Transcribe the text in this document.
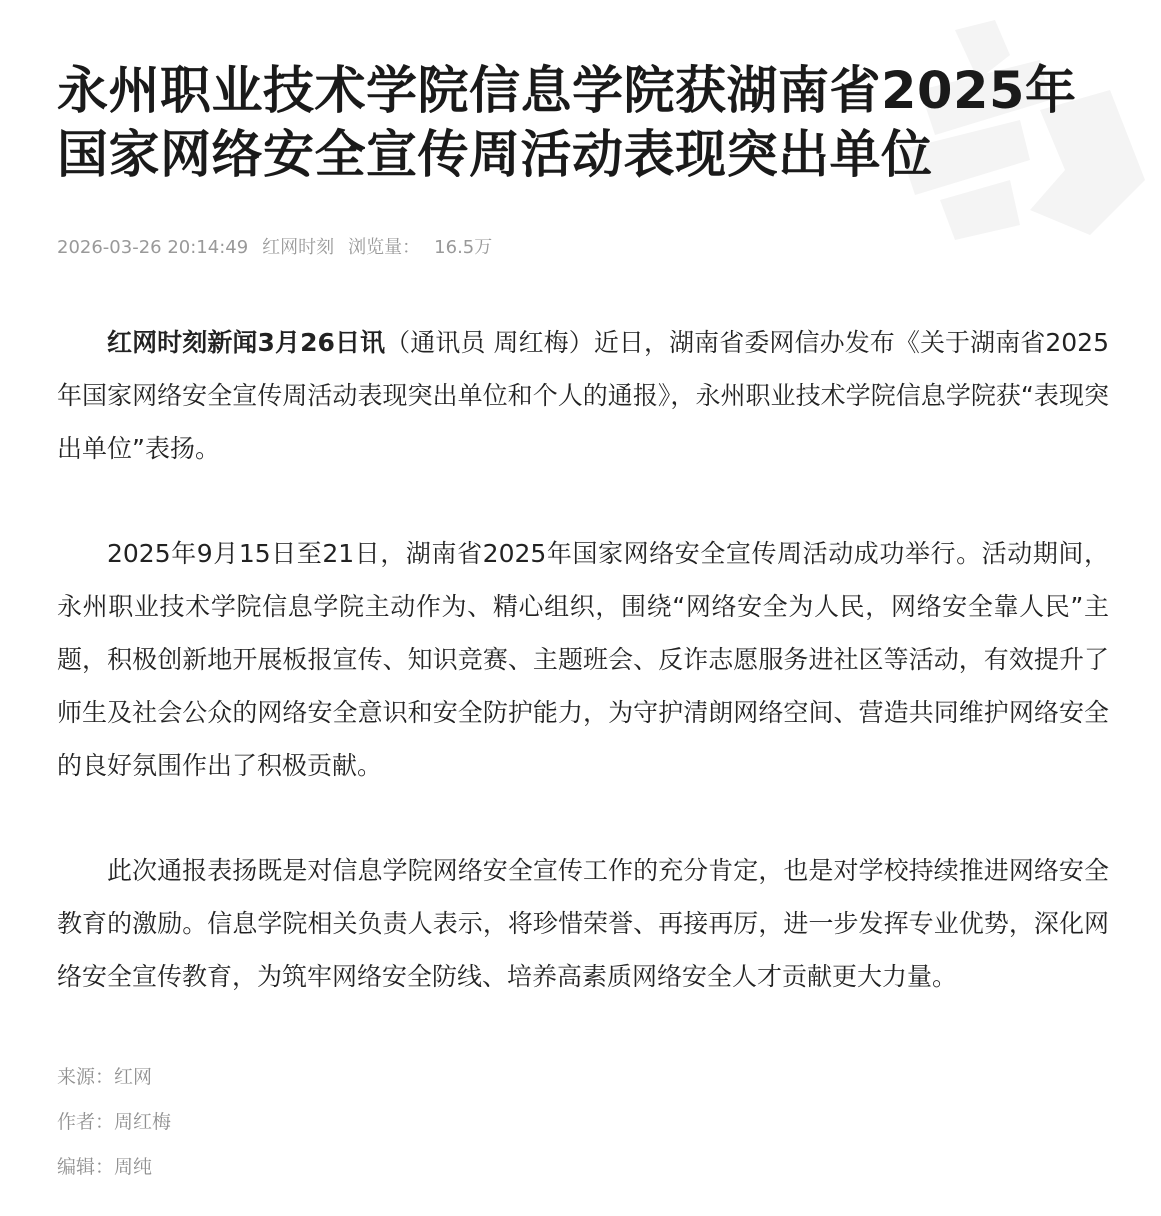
永州职业技术学院信息学院获湖南省2025年国家网络安全宣传周活动表现突出单位
2026-03-26 20:14:49 红网时刻 浏览量： 16.5万

红网时刻新闻3月26日讯（通讯员 周红梅）近日，湖南省委网信办发布《关于湖南省2025年国家网络安全宣传周活动表现突出单位和个人的通报》，永州职业技术学院信息学院获“表现突出单位”表扬。

2025年9月15日至21日，湖南省2025年国家网络安全宣传周活动成功举行。活动期间，永州职业技术学院信息学院主动作为、精心组织，围绕“网络安全为人民，网络安全靠人民”主题，积极创新地开展板报宣传、知识竞赛、主题班会、反诈志愿服务进社区等活动，有效提升了师生及社会公众的网络安全意识和安全防护能力，为守护清朗网络空间、营造共同维护网络安全的良好氛围作出了积极贡献。

此次通报表扬既是对信息学院网络安全宣传工作的充分肯定，也是对学校持续推进网络安全教育的激励。信息学院相关负责人表示，将珍惜荣誉、再接再厉，进一步发挥专业优势，深化网络安全宣传教育，为筑牢网络安全防线、培养高素质网络安全人才贡献更大力量。

来源：红网
作者：周红梅
编辑：周纯
